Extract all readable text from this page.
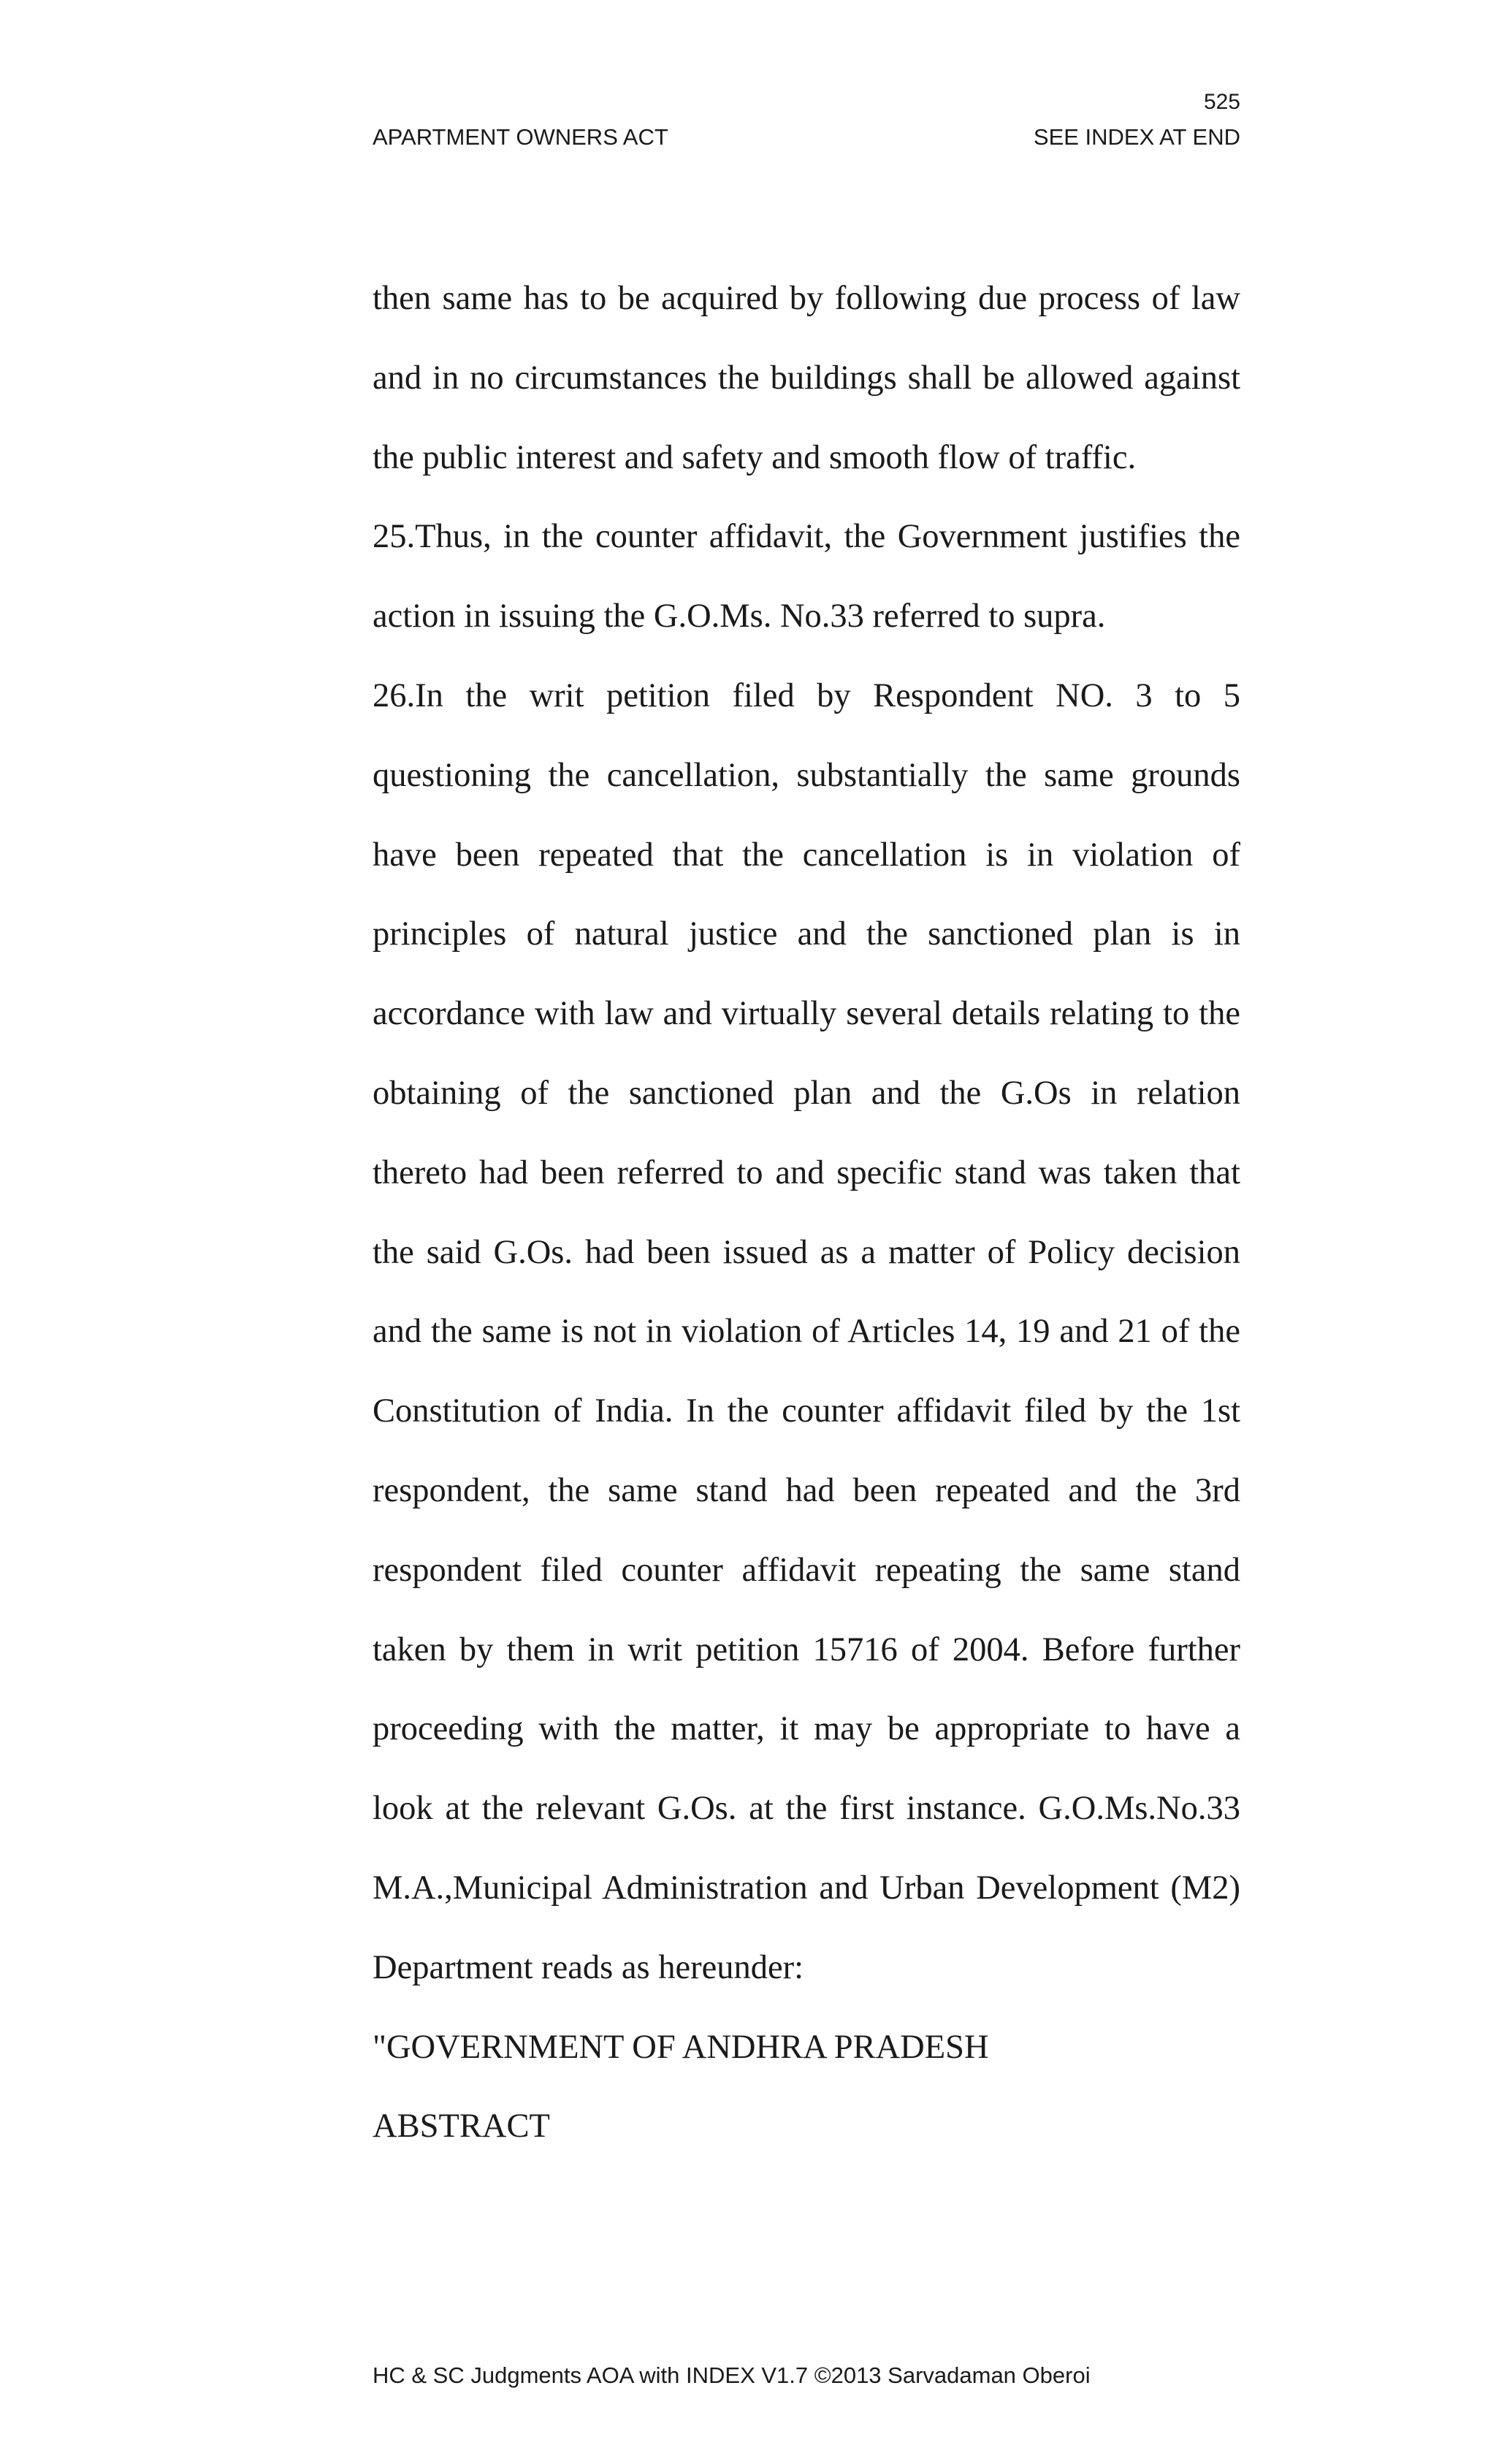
525
APARTMENT OWNERS ACT	SEE INDEX AT END

then same has to be acquired by following due process of law and in no circumstances the buildings shall be allowed against the public interest and safety and smooth flow of traffic.

25.Thus, in the counter affidavit, the Government justifies the action in issuing the G.O.Ms. No.33 referred to supra.

26.In the writ petition filed by Respondent NO. 3 to 5 questioning the cancellation, substantially the same grounds have been repeated that the cancellation is in violation of principles of natural justice and the sanctioned plan is in accordance with law and virtually several details relating to the obtaining of the sanctioned plan and the G.Os in relation thereto had been referred to and specific stand was taken that the said G.Os. had been issued as a matter of Policy decision and the same is not in violation of Articles 14, 19 and 21 of the Constitution of India. In the counter affidavit filed by the 1st respondent, the same stand had been repeated and the 3rd respondent filed counter affidavit repeating the same stand taken by them in writ petition 15716 of 2004. Before further proceeding with the matter, it may be appropriate to have a look at the relevant G.Os. at the first instance. G.O.Ms.No.33 M.A.,Municipal Administration and Urban Development (M2) Department reads as hereunder:

"GOVERNMENT OF ANDHRA PRADESH

ABSTRACT

HC & SC Judgments AOA with INDEX V1.7 ©2013 Sarvadaman Oberoi
